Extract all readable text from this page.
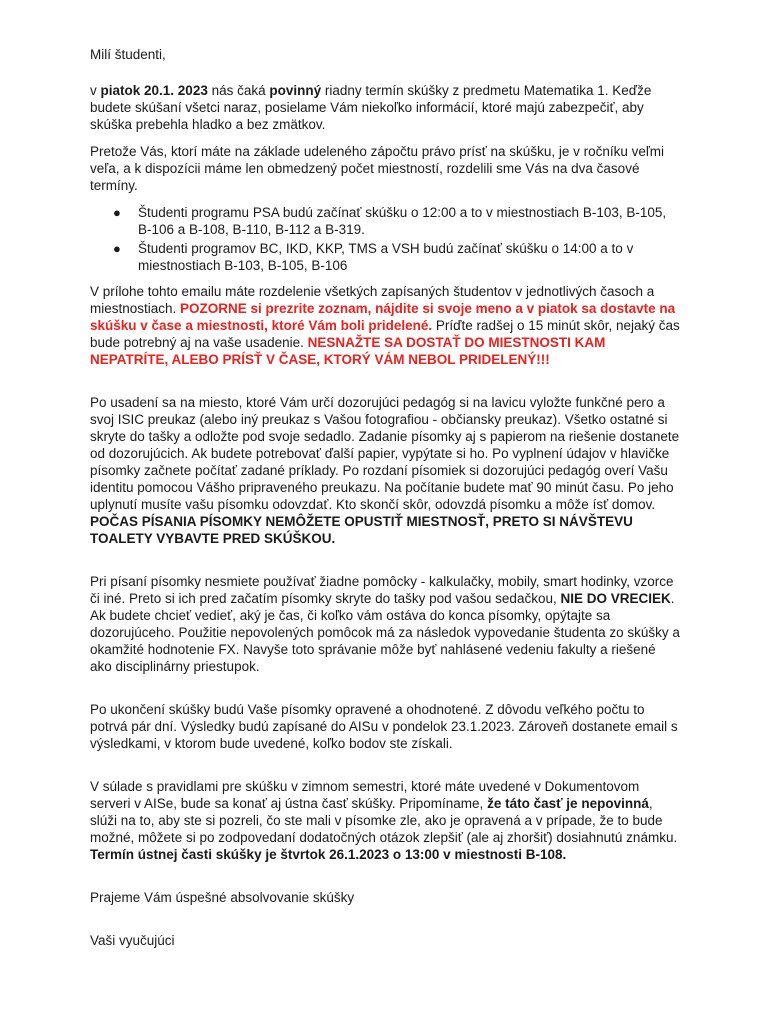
Milí študenti,

v piatok 20.1. 2023 nás čaká povinný riadny termín skúšky z predmetu Matematika 1. Keďže budete skúšaní všetci naraz, posielame Vám niekoľko informácií, ktoré majú zabezpečiť, aby skúška prebehla hladko a bez zmätkov.

Pretože Vás, ktorí máte na základe udeleného zápočtu právo prísť na skúšku, je v ročníku veľmi veľa, a k dispozícii máme len obmedzený počet miestností, rozdelili sme Vás na dva časové termíny.

● Študenti programu PSA budú začínať skúšku o 12:00 a to v miestnostiach B-103, B-105, B-106 a B-108, B-110, B-112 a B-319.
● Študenti programov BC, IKD, KKP, TMS a VSH budú začínať skúšku o 14:00 a to v miestnostiach B-103, B-105, B-106

V prílohe tohto emailu máte rozdelenie všetkých zapísaných študentov v jednotlivých časoch a miestnostiach. POZORNE si prezrite zoznam, nájdite si svoje meno a v piatok sa dostavte na skúšku v čase a miestnosti, ktoré Vám boli pridelené. Príďte radšej o 15 minút skôr, nejaký čas bude potrebný aj na vaše usadenie. NESNAŽTE SA DOSTAŤ DO MIESTNOSTI KAM NEPATRÍTE, ALEBO PRÍSŤ V ČASE, KTORÝ VÁM NEBOL PRIDELENÝ!!!

Po usadení sa na miesto, ktoré Vám určí dozorujúci pedagóg si na lavicu vyložte funkčné pero a svoj ISIC preukaz (alebo iný preukaz s Vašou fotografiou - občiansky preukaz). Všetko ostatné si skryte do tašky a odložte pod svoje sedadlo. Zadanie písomky aj s papierom na riešenie dostanete od dozorujúcich. Ak budete potrebovať ďalší papier, vypýtate si ho. Po vyplnení údajov v hlavičke písomky začnete počítať zadané príklady. Po rozdaní písomiek si dozorujúci pedagóg overí Vašu identitu pomocou Vášho pripraveného preukazu. Na počítanie budete mať 90 minút času. Po jeho uplynutí musíte vašu písomku odovzdať. Kto skončí skôr, odovzdá písomku a môže ísť domov. POČAS PÍSANIA PÍSOMKY NEMÔŽETE OPUSTIŤ MIESTNOSŤ, PRETO SI NÁVŠTEVU TOALETY VYBAVTE PRED SKÚŠKOU.

Pri písaní písomky nesmiete používať žiadne pomôcky - kalkulačky, mobily, smart hodinky, vzorce či iné. Preto si ich pred začatím písomky skryte do tašky pod vašou sedačkou, NIE DO VRECIEK. Ak budete chcieť vedieť, aký je čas, či koľko vám ostáva do konca písomky, opýtajte sa dozorujúceho. Použitie nepovolených pomôcok má za následok vypovedanie študenta zo skúšky a okamžité hodnotenie FX. Navyše toto správanie môže byť nahlásené vedeniu fakulty a riešené ako disciplinárny priestupok.

Po ukončení skúšky budú Vaše písomky opravené a ohodnotené. Z dôvodu veľkého počtu to potrvá pár dní. Výsledky budú zapísané do AISu v pondelok 23.1.2023. Zároveň dostanete email s výsledkami, v ktorom bude uvedené, koľko bodov ste získali.

V súlade s pravidlami pre skúšku v zimnom semestri, ktoré máte uvedené v Dokumentovom serveri v AISe, bude sa konať aj ústna časť skúšky. Pripomíname, že táto časť je nepovinná, slúži na to, aby ste si pozreli, čo ste mali v písomke zle, ako je opravená a v prípade, že to bude možné, môžete si po zodpovedaní dodatočných otázok zlepšiť (ale aj zhoršiť) dosiahnutú známku. Termín ústnej časti skúšky je štvrtok 26.1.2023 o 13:00 v miestnosti B-108.

Prajeme Vám úspešné absolvovanie skúšky

Vaši vyučujúci
